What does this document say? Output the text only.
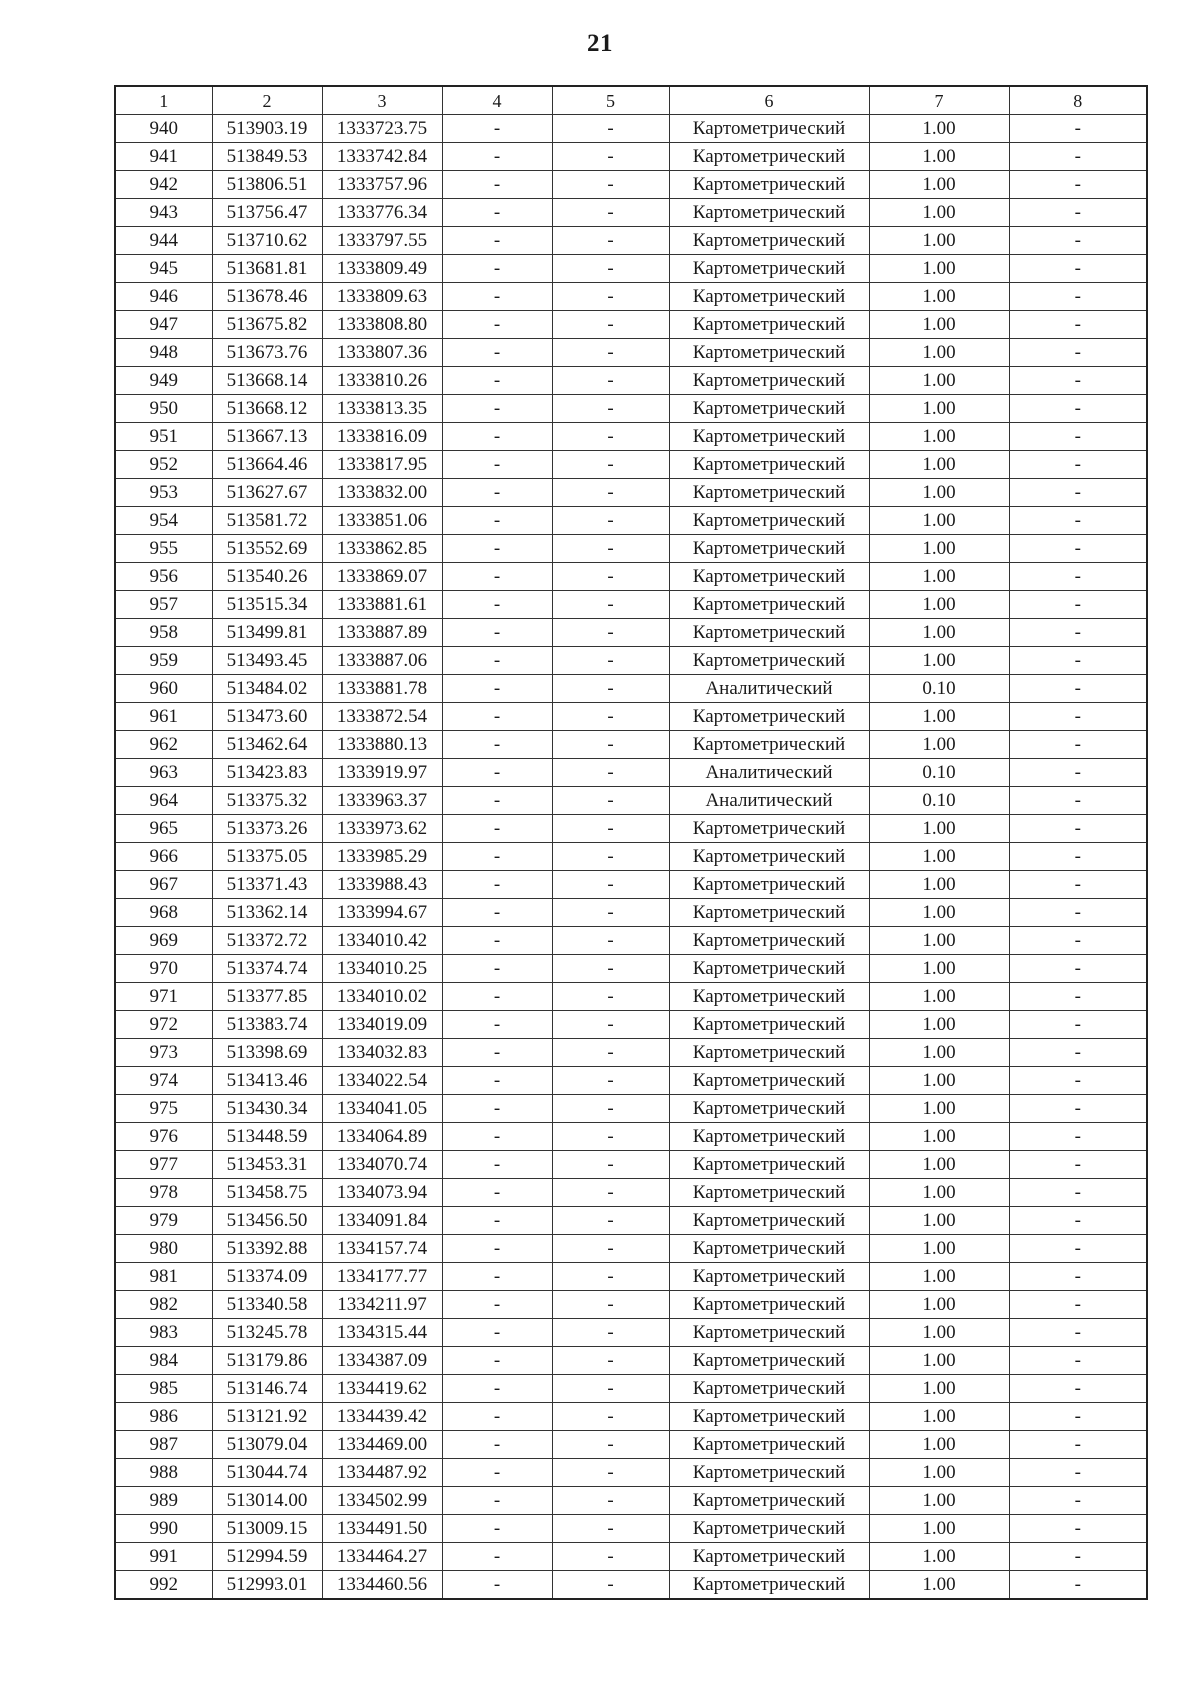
21
1	2	3	4	5	6	7	8
940	513903.19	1333723.75	-	-	Картометрический	1.00	-
941	513849.53	1333742.84	-	-	Картометрический	1.00	-
942	513806.51	1333757.96	-	-	Картометрический	1.00	-
943	513756.47	1333776.34	-	-	Картометрический	1.00	-
944	513710.62	1333797.55	-	-	Картометрический	1.00	-
945	513681.81	1333809.49	-	-	Картометрический	1.00	-
946	513678.46	1333809.63	-	-	Картометрический	1.00	-
947	513675.82	1333808.80	-	-	Картометрический	1.00	-
948	513673.76	1333807.36	-	-	Картометрический	1.00	-
949	513668.14	1333810.26	-	-	Картометрический	1.00	-
950	513668.12	1333813.35	-	-	Картометрический	1.00	-
951	513667.13	1333816.09	-	-	Картометрический	1.00	-
952	513664.46	1333817.95	-	-	Картометрический	1.00	-
953	513627.67	1333832.00	-	-	Картометрический	1.00	-
954	513581.72	1333851.06	-	-	Картометрический	1.00	-
955	513552.69	1333862.85	-	-	Картометрический	1.00	-
956	513540.26	1333869.07	-	-	Картометрический	1.00	-
957	513515.34	1333881.61	-	-	Картометрический	1.00	-
958	513499.81	1333887.89	-	-	Картометрический	1.00	-
959	513493.45	1333887.06	-	-	Картометрический	1.00	-
960	513484.02	1333881.78	-	-	Аналитический	0.10	-
961	513473.60	1333872.54	-	-	Картометрический	1.00	-
962	513462.64	1333880.13	-	-	Картометрический	1.00	-
963	513423.83	1333919.97	-	-	Аналитический	0.10	-
964	513375.32	1333963.37	-	-	Аналитический	0.10	-
965	513373.26	1333973.62	-	-	Картометрический	1.00	-
966	513375.05	1333985.29	-	-	Картометрический	1.00	-
967	513371.43	1333988.43	-	-	Картометрический	1.00	-
968	513362.14	1333994.67	-	-	Картометрический	1.00	-
969	513372.72	1334010.42	-	-	Картометрический	1.00	-
970	513374.74	1334010.25	-	-	Картометрический	1.00	-
971	513377.85	1334010.02	-	-	Картометрический	1.00	-
972	513383.74	1334019.09	-	-	Картометрический	1.00	-
973	513398.69	1334032.83	-	-	Картометрический	1.00	-
974	513413.46	1334022.54	-	-	Картометрический	1.00	-
975	513430.34	1334041.05	-	-	Картометрический	1.00	-
976	513448.59	1334064.89	-	-	Картометрический	1.00	-
977	513453.31	1334070.74	-	-	Картометрический	1.00	-
978	513458.75	1334073.94	-	-	Картометрический	1.00	-
979	513456.50	1334091.84	-	-	Картометрический	1.00	-
980	513392.88	1334157.74	-	-	Картометрический	1.00	-
981	513374.09	1334177.77	-	-	Картометрический	1.00	-
982	513340.58	1334211.97	-	-	Картометрический	1.00	-
983	513245.78	1334315.44	-	-	Картометрический	1.00	-
984	513179.86	1334387.09	-	-	Картометрический	1.00	-
985	513146.74	1334419.62	-	-	Картометрический	1.00	-
986	513121.92	1334439.42	-	-	Картометрический	1.00	-
987	513079.04	1334469.00	-	-	Картометрический	1.00	-
988	513044.74	1334487.92	-	-	Картометрический	1.00	-
989	513014.00	1334502.99	-	-	Картометрический	1.00	-
990	513009.15	1334491.50	-	-	Картометрический	1.00	-
991	512994.59	1334464.27	-	-	Картометрический	1.00	-
992	512993.01	1334460.56	-	-	Картометрический	1.00	-
